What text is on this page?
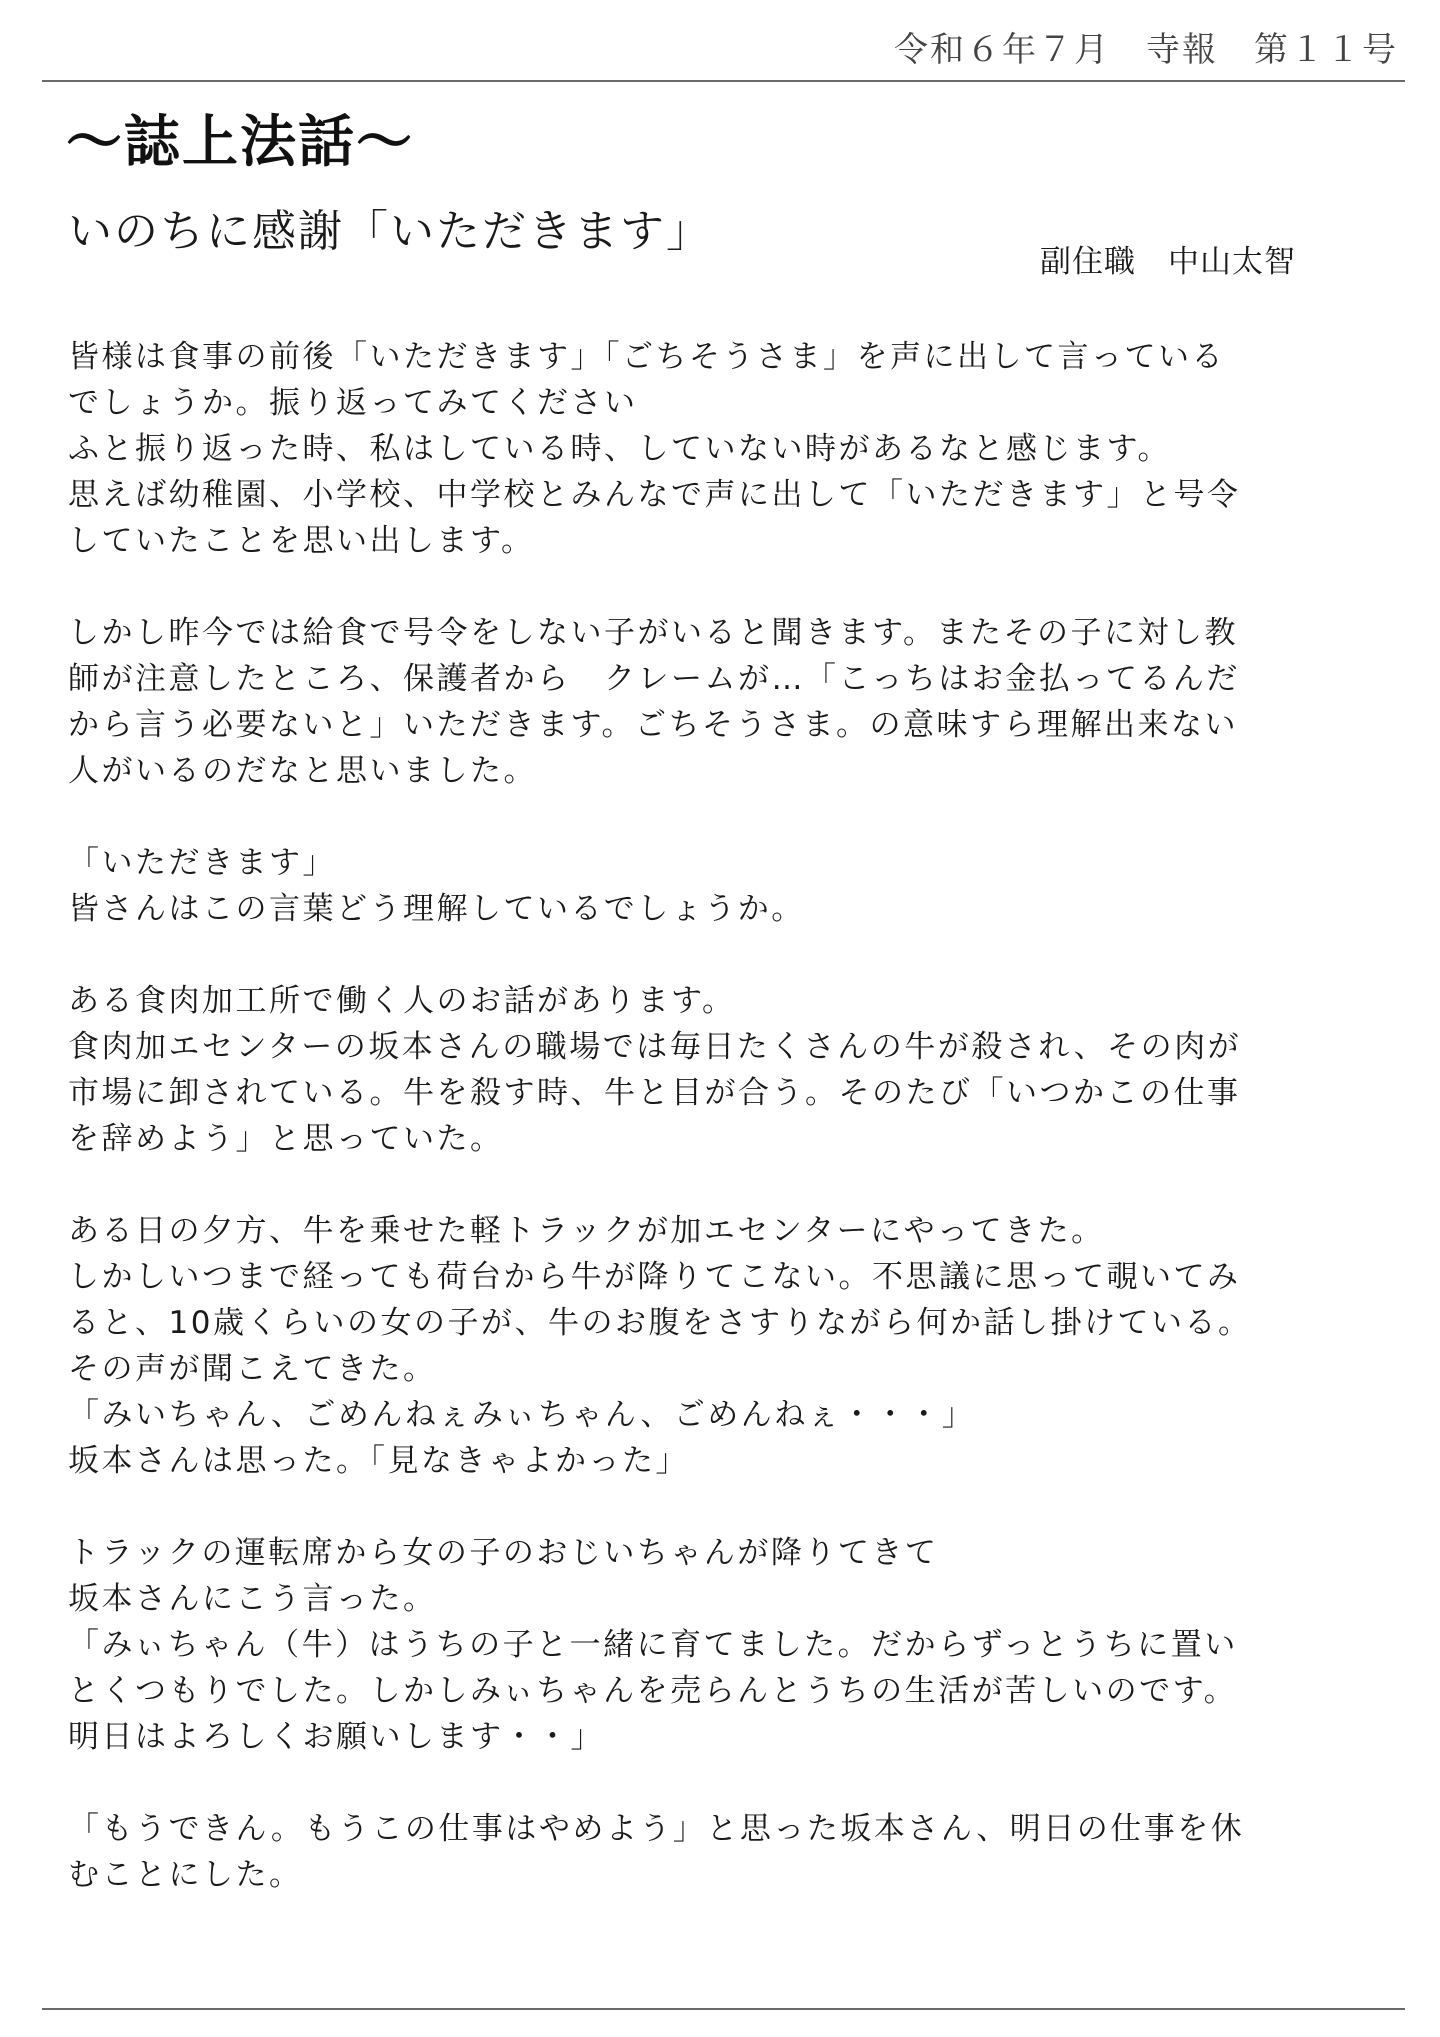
令和６年７月　寺報　第１１号
～誌上法話～
いのちに感謝「いただきます」
副住職　中山太智
皆様は食事の前後「いただきます」「ごちそうさま」を声に出して言っている
でしょうか。振り返ってみてください
ふと振り返った時、私はしている時、していない時があるなと感じます。
思えば幼稚園、小学校、中学校とみんなで声に出して「いただきます」と号令
していたことを思い出します。
しかし昨今では給食で号令をしない子がいると聞きます。またその子に対し教
師が注意したところ、保護者から　クレームが…「こっちはお金払ってるんだ
から言う必要ないと」いただきます。ごちそうさま。の意味すら理解出来ない
人がいるのだなと思いました。
「いただきます」
皆さんはこの言葉どう理解しているでしょうか。
ある食肉加工所で働く人のお話があります。
食肉加エセンターの坂本さんの職場では毎日たくさんの牛が殺され、その肉が
市場に卸されている。牛を殺す時、牛と目が合う。そのたび「いつかこの仕事
を辞めよう」と思っていた。
ある日の夕方、牛を乗せた軽トラックが加エセンターにやってきた。
しかしいつまで経っても荷台から牛が降りてこない。不思議に思って覗いてみ
ると、10歳くらいの女の子が、牛のお腹をさすりながら何か話し掛けている。
その声が聞こえてきた。
「みいちゃん、ごめんねぇみぃちゃん、ごめんねぇ・・・」
坂本さんは思った。「見なきゃよかった」
トラックの運転席から女の子のおじいちゃんが降りてきて
坂本さんにこう言った。
「みぃちゃん（牛）はうちの子と一緒に育てました。だからずっとうちに置い
とくつもりでした。しかしみぃちゃんを売らんとうちの生活が苦しいのです。
明日はよろしくお願いします・・」
「もうできん。もうこの仕事はやめよう」と思った坂本さん、明日の仕事を休
むことにした。
